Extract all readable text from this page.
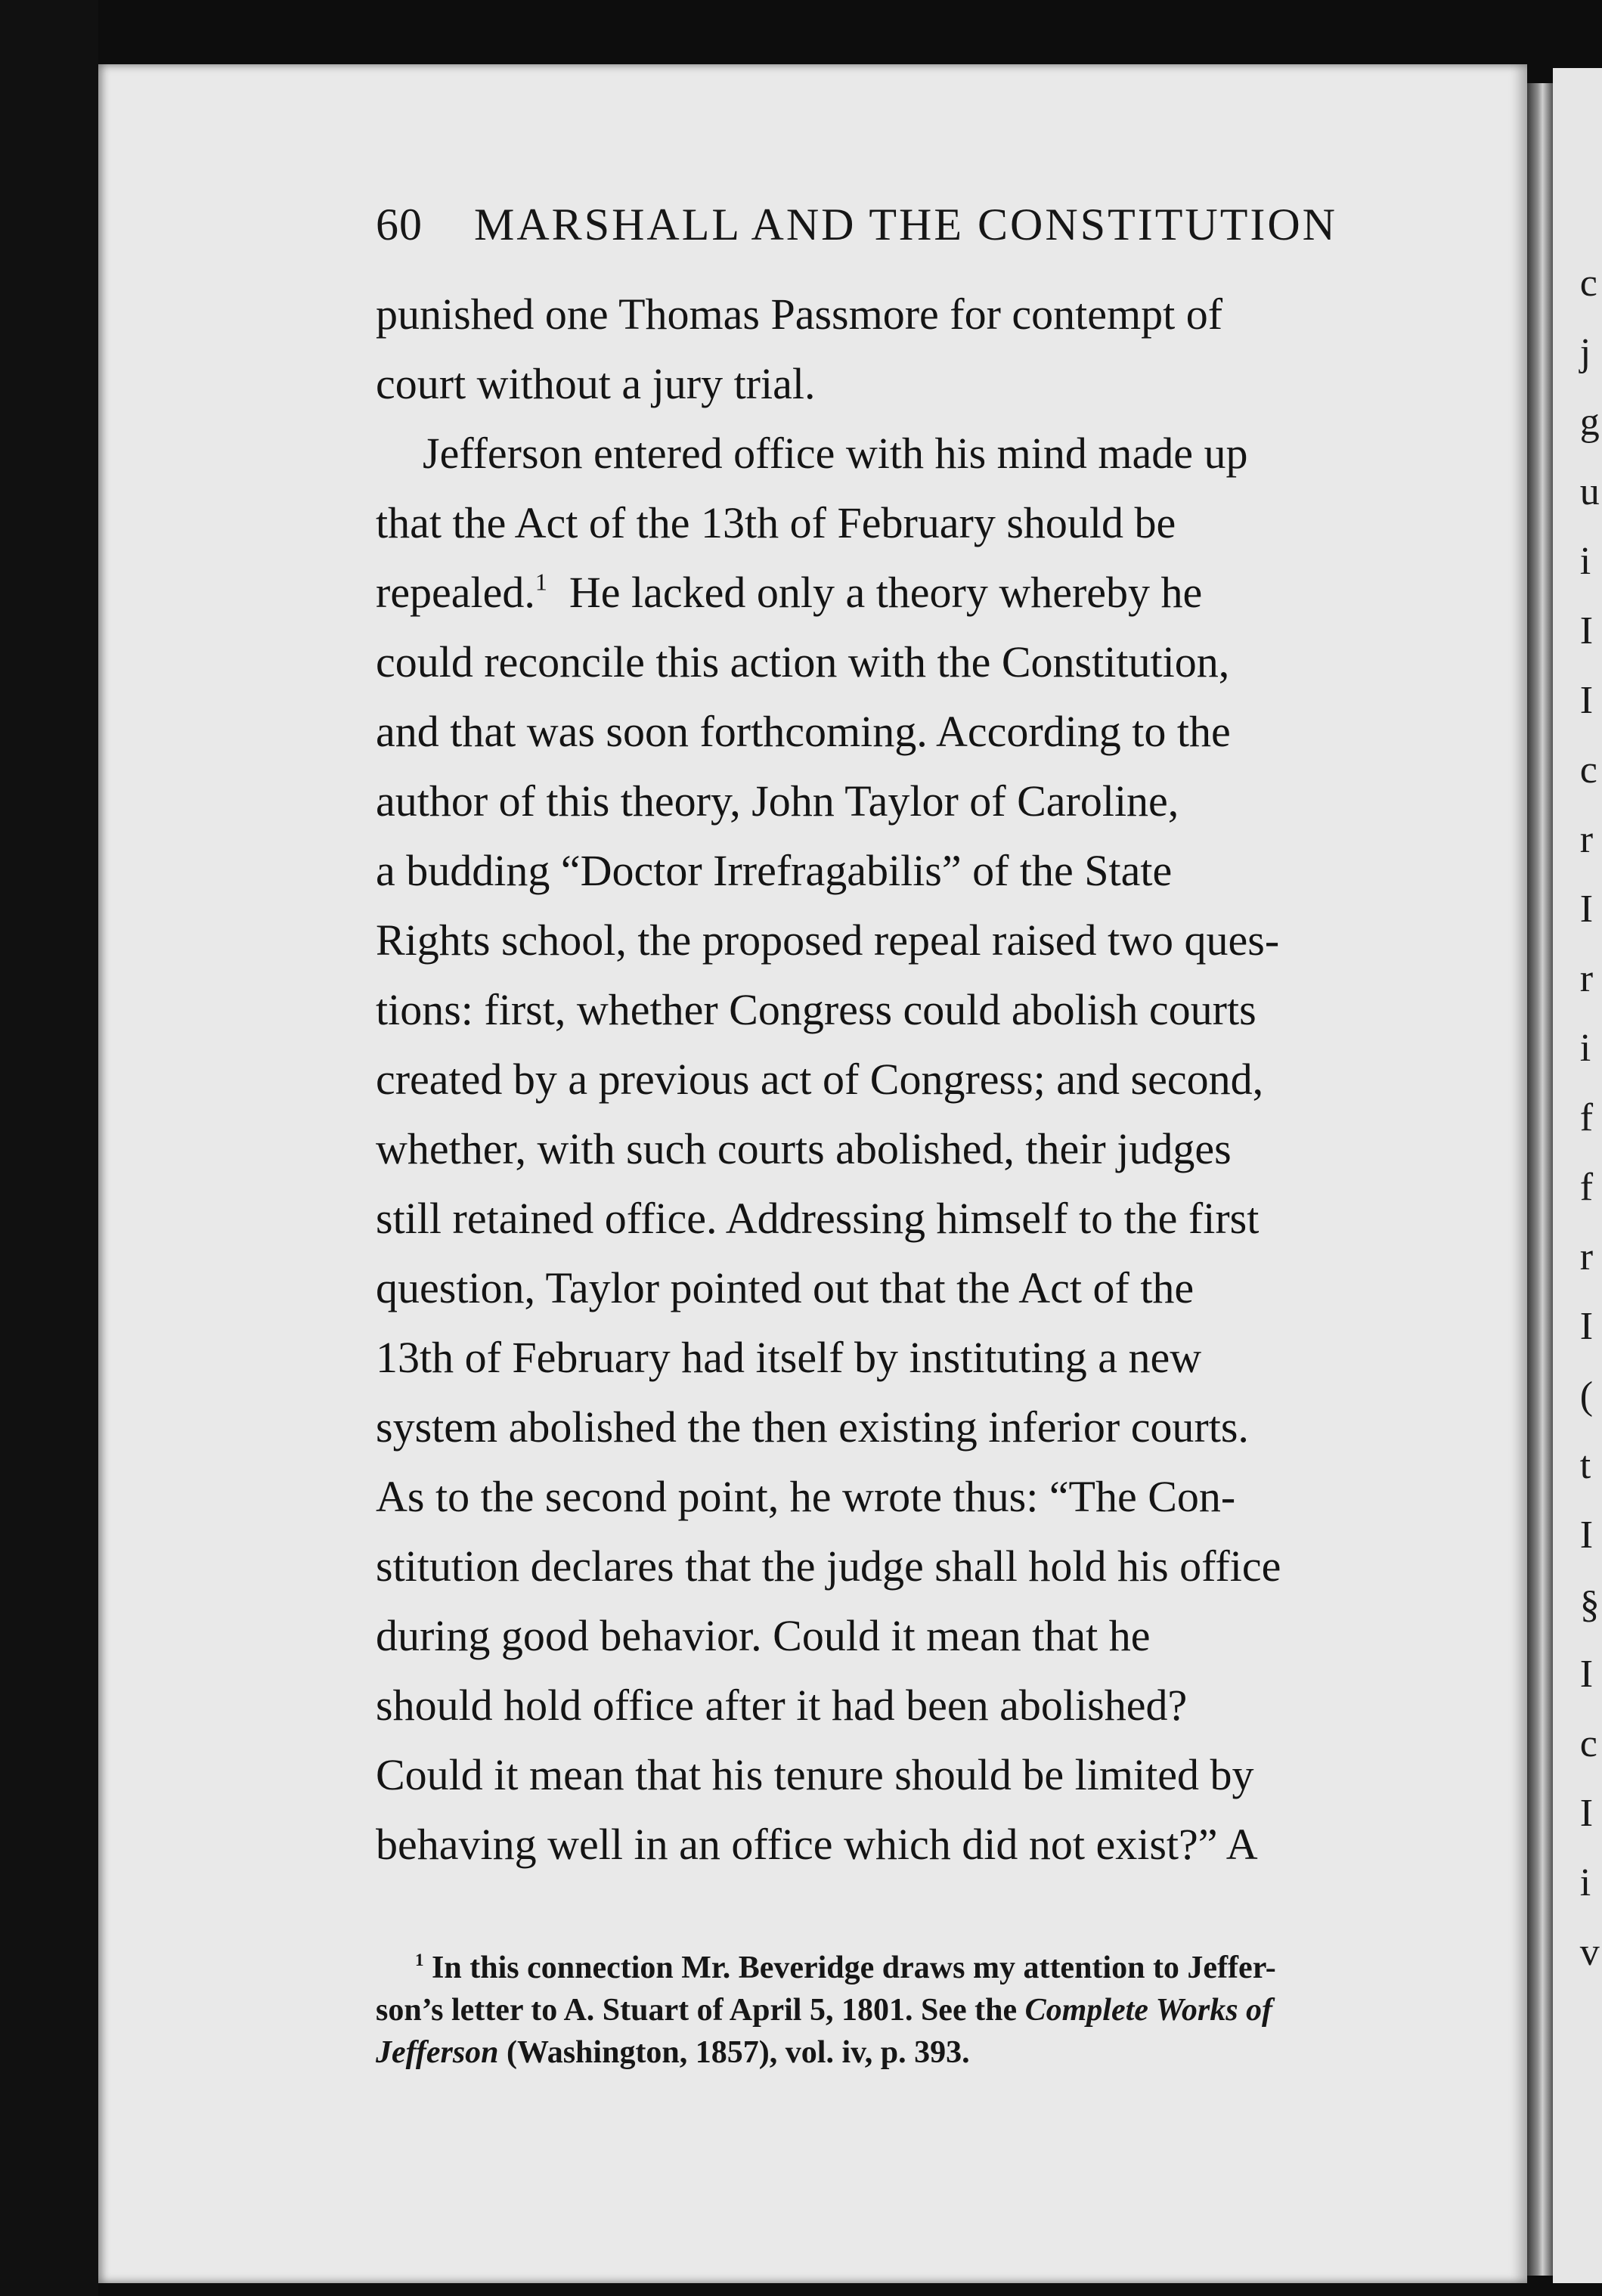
60	MARSHALL AND THE CONSTITUTION
punished one Thomas Passmore for contempt of
court without a jury trial.
Jefferson entered office with his mind made up
that the Act of the 13th of February should be
repealed.$^1$ He lacked only a theory whereby he
could reconcile this action with the Constitution,
and that was soon forthcoming. According to the
author of this theory, John Taylor of Caroline,
a budding “Doctor Irrefragabilis” of the State
Rights school, the proposed repeal raised two ques-
tions: first, whether Congress could abolish courts
created by a previous act of Congress; and second,
whether, with such courts abolished, their judges
still retained office. Addressing himself to the first
question, Taylor pointed out that the Act of the
13th of February had itself by instituting a new
system abolished the then existing inferior courts.
As to the second point, he wrote thus: “The Con-
stitution declares that the judge shall hold his office
during good behavior. Could it mean that he
should hold office after it had been abolished?
Could it mean that his tenure should be limited by
behaving well in an office which did not exist?” A
$^1$ In this connection Mr. Beveridge draws my attention to Jeffer-
son’s letter to A. Stuart of April 5, 1801. See the Complete Works of
Jefferson (Washington, 1857), vol. iv, p. 393.
c
j
g
u
i
I
I
c
r
I
r
i
f
f
r
I
(
t
I
§
I
c
I
i
v
